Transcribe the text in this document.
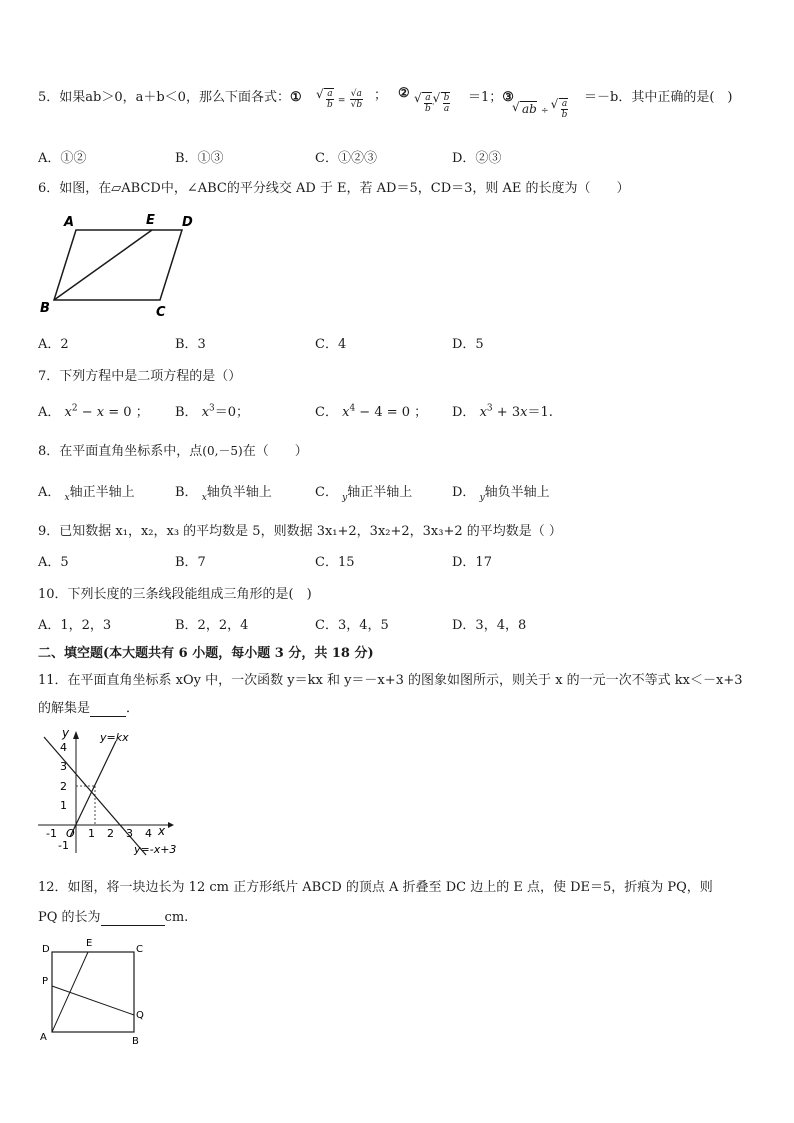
5．如果ab＞0，a＋b＜0，那么下面各式：①	√ $\frac{a}{b} = \frac{√a}{√b}$ ； ② √ $\frac{a}{b}$ · √ $\frac{b}{a} =1$；③
√ ab ÷ √ $\frac{a}{b}$
＝－b．其中正确的是(　)
A．①②	B．①③	C．①②③	D．②③
6．如图，在▱ABCD中，∠ABC的平分线交 AD 于 E，若 AD＝5，CD＝3，则 AE 的长度为（　　）
A	E D
B	C
A．2	B．3	C．4	D．5
7．下列方程中是二项方程的是（）
A． $x^2 - x = 0$ ； B． $x^3=0$；	C． $x^4 - 4 = 0$ ； D． $x^3 + 3x=1$.
8．在平面直角坐标系中，点(0,－5)在（　　）
A． $_x$轴正半轴上	B． $_x$轴负半轴上	C． $_y$轴正半轴上	D． $_y$轴负半轴上
9．已知数据 x₁，x₂，x₃ 的平均数是 5，则数据 3x₁+2，3x₂+2，3x₃+2 的平均数是（ ）
A．5	B．7	C．15	D．17
10．下列长度的三条线段能组成三角形的是(　)
A．1，2，3	B．2，2，4	C．3，4，5	D．3，4，8
二、填空题(本大题共有 6 小题，每小题 3 分，共 18 分)
11．在平面直角坐标系 xOy 中，一次函数 y＝kx 和 y＝－x+3 的图象如图所示，则关于 x 的一元一次不等式 kx＜－x+3
的解集是	．
y
x
O
y=kx
y=-x+3
4
3
2
1
-1
-1	1 2 3 4
12．如图，将一块边长为 12 cm 正方形纸片 ABCD 的顶点 A 折叠至 DC 边上的 E 点，使 DE＝5，折痕为 PQ，则
PQ 的长为	cm.
D
E
C
P
Q
A	B
